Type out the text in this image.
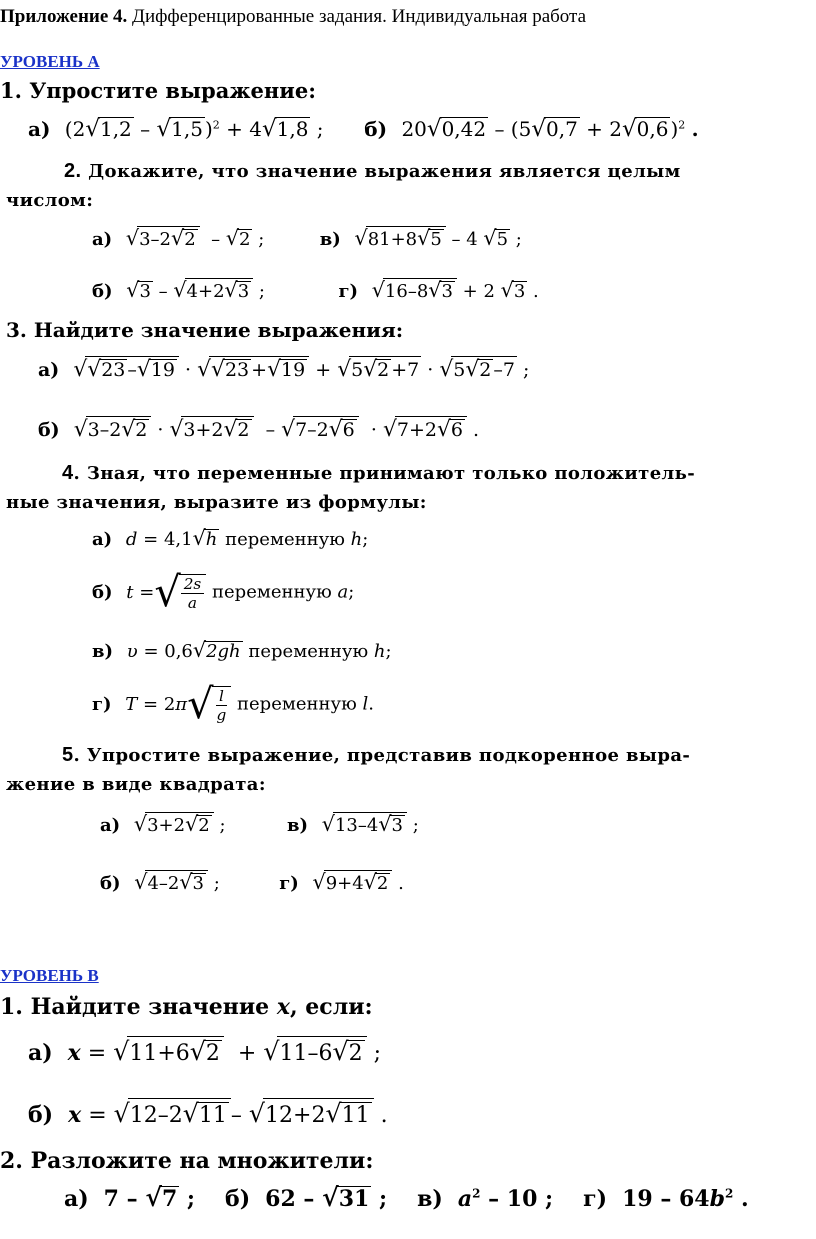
Приложение 4. Дифференцированные задания. Индивидуальная работа
УРОВЕНЬ А
1. Упростите выражение:
а) (2√1,2 – √1,5 )$^2$ + 4√1,8 ; б) 20√0,42 – (5√0,7 + 2√0,6 )$^2$ .
2. Докажите, что значение выражения является целым
числом:
а) √3–2√2  – √2 ;	в) √81+8√5 – 4 √5 ;
б) √3 – √4+2√3 ;	г) √16–8√3 + 2 √3 .
3. Найдите значение выражения:
а) √√23 –√19 · √√23 +√19 + √5√2 +7 · √5√2 –7 ;
б) √3–2√2 · √3+2√2  – √7–2√6  · √7+2√6 .
4. Зная, что переменные принимают только положитель-
ные значения, выразите из формулы:
а) d = 4,1√h переменную h;
б) t = √ $\frac{2s}{a}$ переменную a;
в) υ = 0,6√2gh переменную h;
г) T = 2π √ $\frac{l}{g}$ переменную l.
5. Упростите выражение, представив подкоренное выра-
жение в виде квадрата:
а) √3+2√2 ;	в) √13–4√3 ;
б) √4–2√3 ;	г) √9+4√2 .
УРОВЕНЬ В
1. Найдите значение x, если:
а) x = √11+6√2  + √11–6√2 ;
б) x = √12–2√11 – √12+2√11 .
2. Разложите на множители:
а) 7 – √7 ; б) 62 – √31 ; в) $a^2 - 10$ ; г) $19 - 64b^2$ .
